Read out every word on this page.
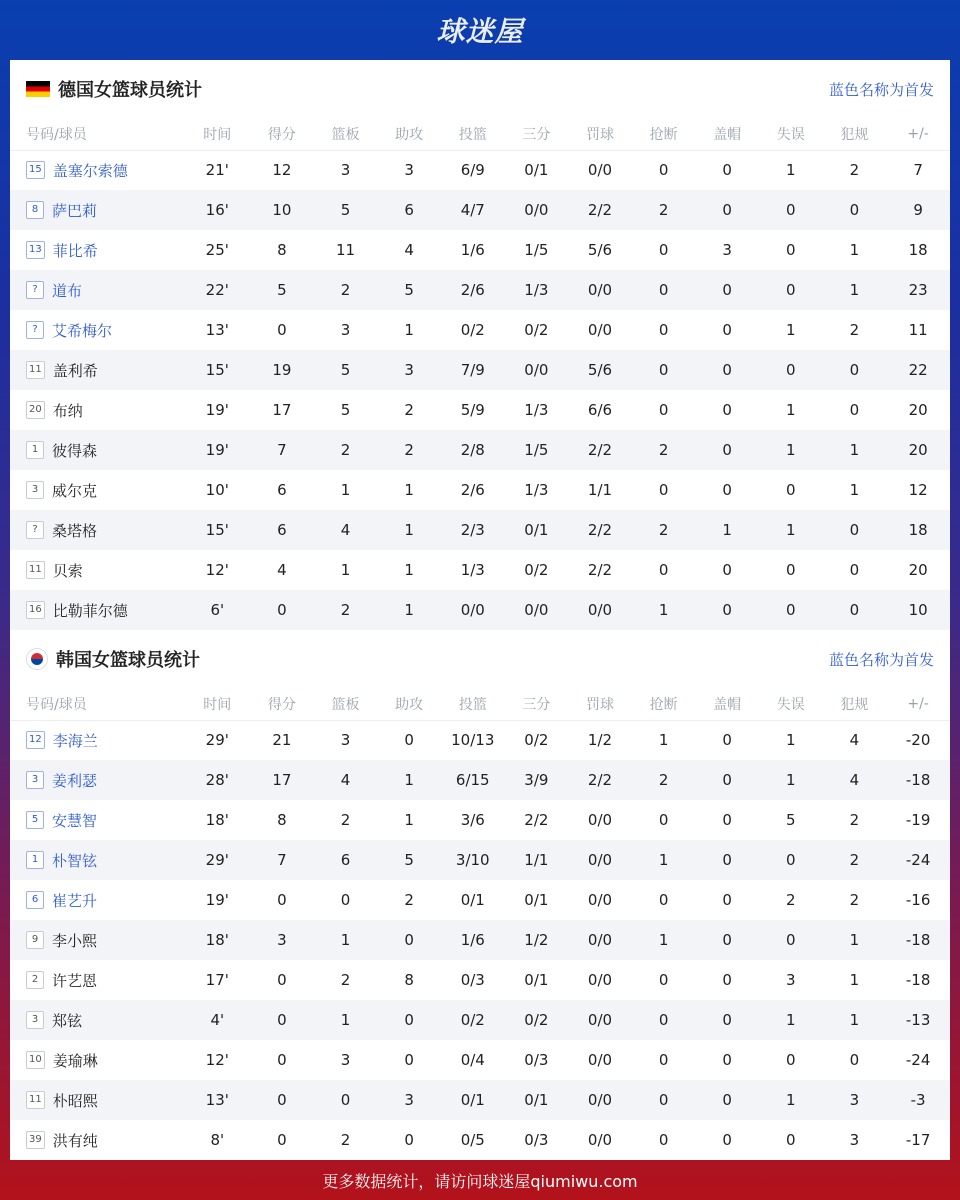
球迷屋
德国女篮球员统计	蓝色名称为首发
号码/球员	时间	得分	篮板	助攻	投篮	三分	罚球	抢断	盖帽	失误	犯规	+/-
15 盖塞尔索德	21'	12	3	3	6/9	0/1	0/0	0	0	1	2	7
8 萨巴莉	16'	10	5	6	4/7	0/0	2/2	2	0	0	0	9
13 菲比希	25'	8	11	4	1/6	1/5	5/6	0	3	0	1	18
? 道布	22'	5	2	5	2/6	1/3	0/0	0	0	0	1	23
? 艾希梅尔	13'	0	3	1	0/2	0/2	0/0	0	0	1	2	11
11 盖利希	15'	19	5	3	7/9	0/0	5/6	0	0	0	0	22
20 布纳	19'	17	5	2	5/9	1/3	6/6	0	0	1	0	20
1 彼得森	19'	7	2	2	2/8	1/5	2/2	2	0	1	1	20
3 威尔克	10'	6	1	1	2/6	1/3	1/1	0	0	0	1	12
? 桑塔格	15'	6	4	1	2/3	0/1	2/2	2	1	1	0	18
11 贝索	12'	4	1	1	1/3	0/2	2/2	0	0	0	0	20
16 比勒菲尔德	6'	0	2	1	0/0	0/0	0/0	1	0	0	0	10
韩国女篮球员统计	蓝色名称为首发
号码/球员	时间	得分	篮板	助攻	投篮	三分	罚球	抢断	盖帽	失误	犯规	+/-
12 李海兰	29'	21	3	0	10/13	0/2	1/2	1	0	1	4	-20
3 姜利瑟	28'	17	4	1	6/15	3/9	2/2	2	0	1	4	-18
5 安慧智	18'	8	2	1	3/6	2/2	0/0	0	0	5	2	-19
1 朴智铉	29'	7	6	5	3/10	1/1	0/0	1	0	0	2	-24
6 崔艺升	19'	0	0	2	0/1	0/1	0/0	0	0	2	2	-16
9 李小熙	18'	3	1	0	1/6	1/2	0/0	1	0	0	1	-18
2 许艺恩	17'	0	2	8	0/3	0/1	0/0	0	0	3	1	-18
3 郑铉	4'	0	1	0	0/2	0/2	0/0	0	0	1	1	-13
10 姜瑜琳	12'	0	3	0	0/4	0/3	0/0	0	0	0	0	-24
11 朴昭熙	13'	0	0	3	0/1	0/1	0/0	0	0	1	3	-3
39 洪有纯	8'	0	2	0	0/5	0/3	0/0	0	0	0	3	-17
更多数据统计，请访问球迷屋qiumiwu.com
